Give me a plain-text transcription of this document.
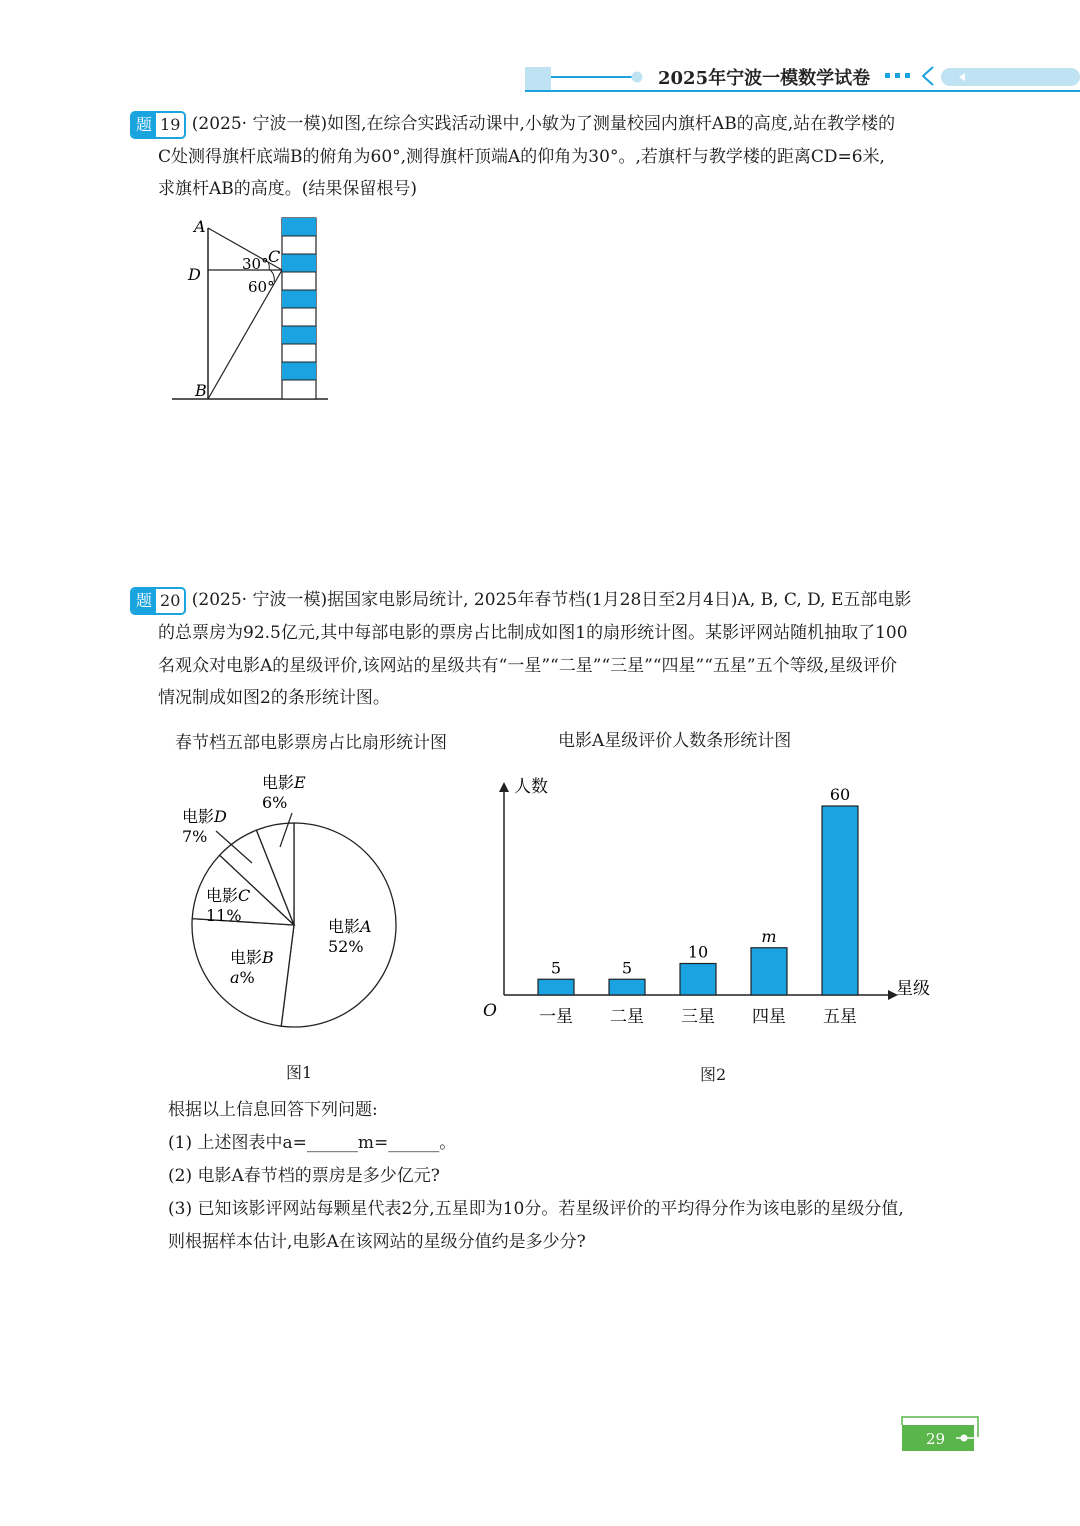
2025年宁波一模数学试卷
题 19 (2025· 宁波一模)如图,在综合实践活动课中,小敏为了测量校园内旗杆AB的高度,站在教学楼的
C处测得旗杆底端B的俯角为60°,测得旗杆顶端A的仰角为30°。,若旗杆与教学楼的距离CD=6米,
求旗杆AB的高度。(结果保留根号)
A
D
C
B
30°
60°
题 20 (2025· 宁波一模)据国家电影局统计, 2025年春节档(1月28日至2月4日)A, B, C, D, E五部电影
的总票房为92.5亿元,其中每部电影的票房占比制成如图1的扇形统计图。某影评网站随机抽取了100
名观众对电影A的星级评价,该网站的星级共有“一星”“二星”“三星”“四星”“五星”五个等级,星级评价
情况制成如图2的条形统计图。
春节档五部电影票房占比扇形统计图	电影A星级评价人数条形统计图
电影A
52%
电影B
a%
电影C
11%
电影D
7%
电影E
6%
人数
星级
O
5
一星
5
二星
10
三星
m
四星
60
五星
图1	图2
根据以上信息回答下列问题:
(1) 上述图表中a=______m=______。
(2) 电影A春节档的票房是多少亿元?
(3) 已知该影评网站每颗星代表2分,五星即为10分。若星级评价的平均得分作为该电影的星级分值,
则根据样本估计,电影A在该网站的星级分值约是多少分?
29
